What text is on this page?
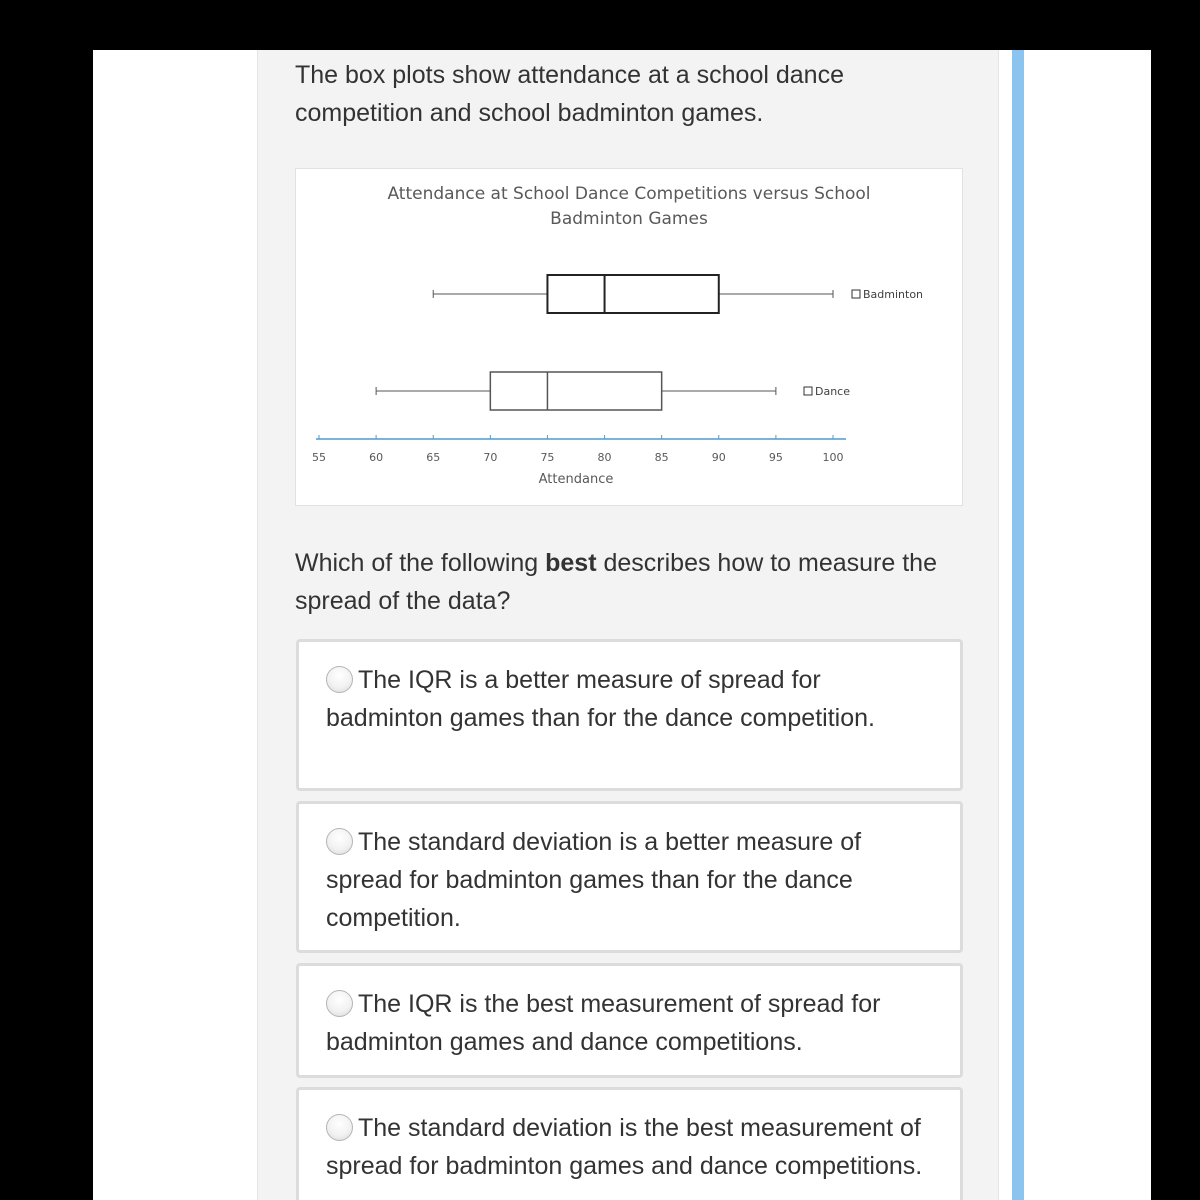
The box plots show attendance at a school dance competition and school badminton games.

Attendance at School Dance Competitions versus School
Badminton Games
55	60	65	70	75	80	85	90	95	100
Attendance
Badminton
Dance

Which of the following best describes how to measure the spread of the data?

The IQR is a better measure of spread for badminton games than for the dance competition.
The standard deviation is a better measure of spread for badminton games than for the dance competition.
The IQR is the best measurement of spread for badminton games and dance competitions.
The standard deviation is the best measurement of spread for badminton games and dance competitions.
